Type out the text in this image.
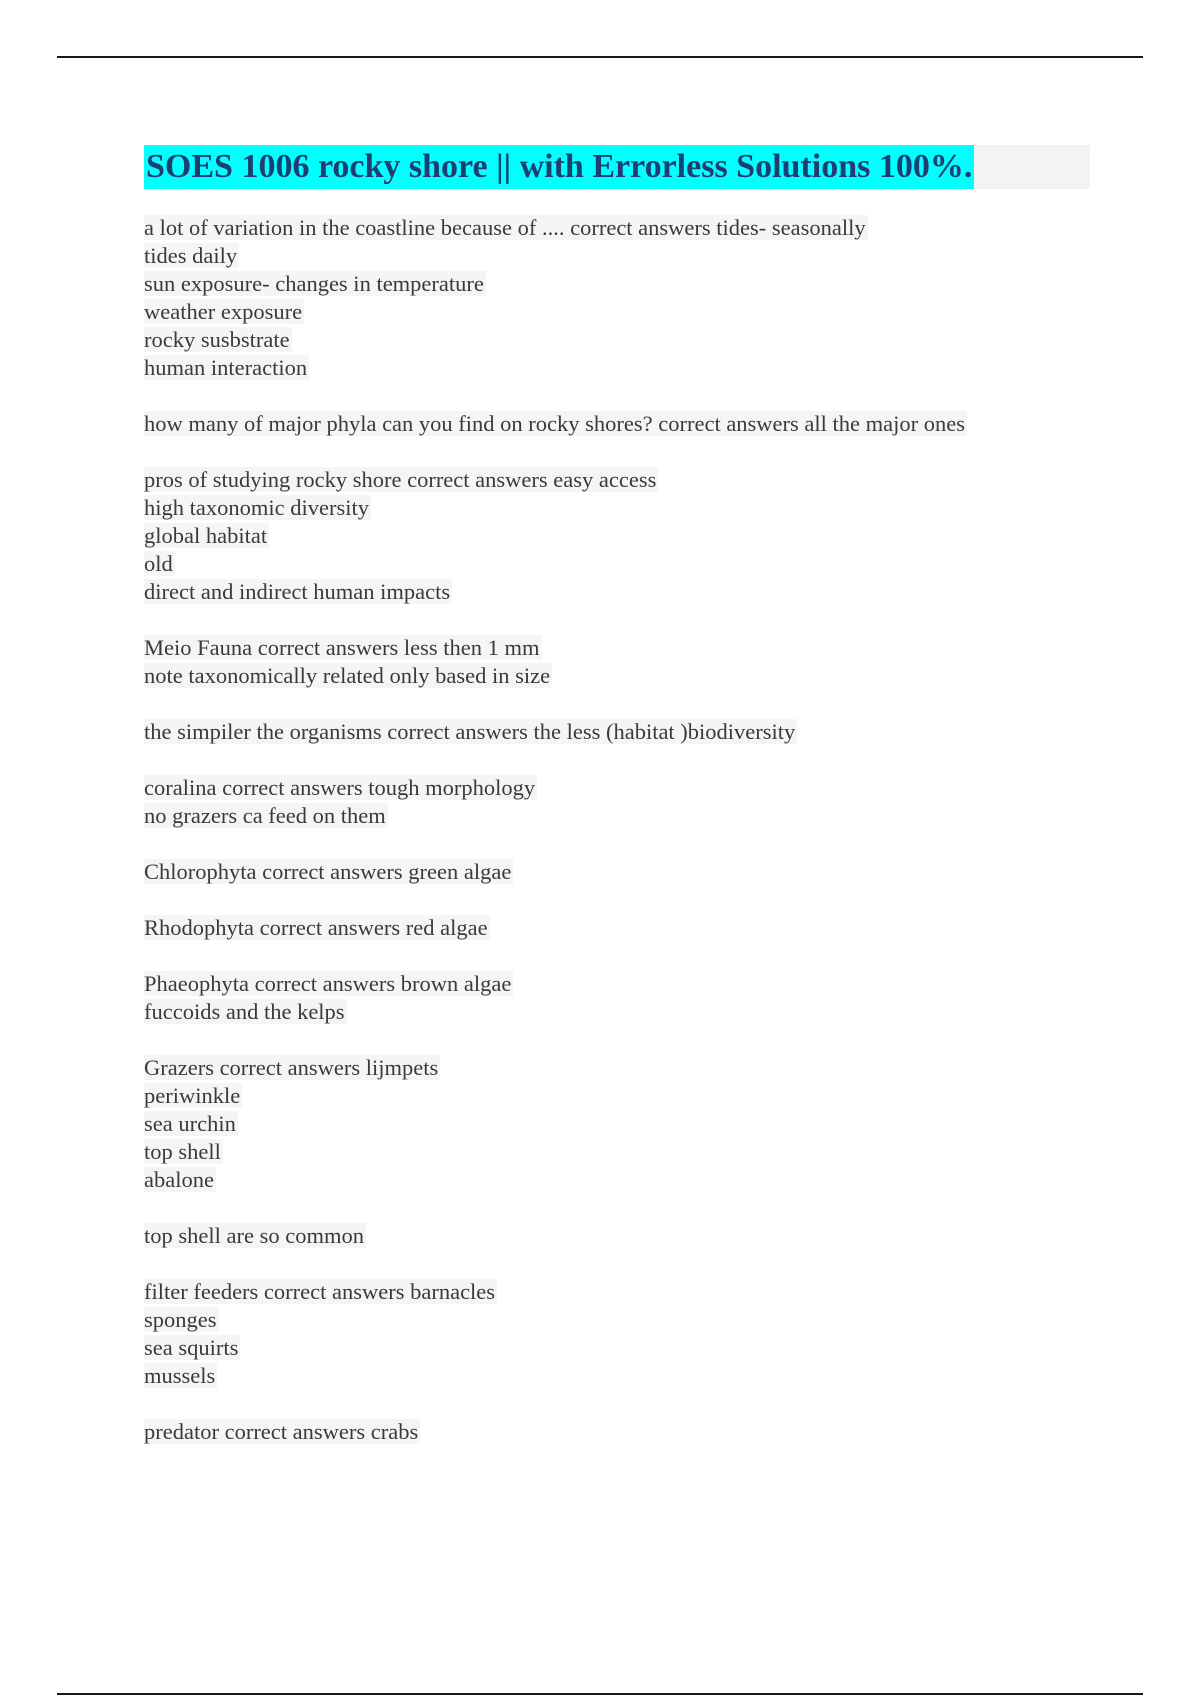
SOES 1006 rocky shore || with Errorless Solutions 100%.
a lot of variation in the coastline because of .... correct answers tides- seasonally
tides daily
sun exposure- changes in temperature
weather exposure
rocky susbstrate
human interaction
how many of major phyla can you find on rocky shores? correct answers all the major ones
pros of studying rocky shore correct answers easy access
high taxonomic diversity
global habitat
old
direct and indirect human impacts
Meio Fauna correct answers less then 1 mm
note taxonomically related only based in size
the simpiler the organisms correct answers the less (habitat )biodiversity
coralina correct answers tough morphology
no grazers ca feed on them
Chlorophyta correct answers green algae
Rhodophyta correct answers red algae
Phaeophyta correct answers brown algae
fuccoids and the kelps
Grazers correct answers lijmpets
periwinkle
sea urchin
top shell
abalone
top shell are so common
filter feeders correct answers barnacles
sponges
sea squirts
mussels
predator correct answers crabs
